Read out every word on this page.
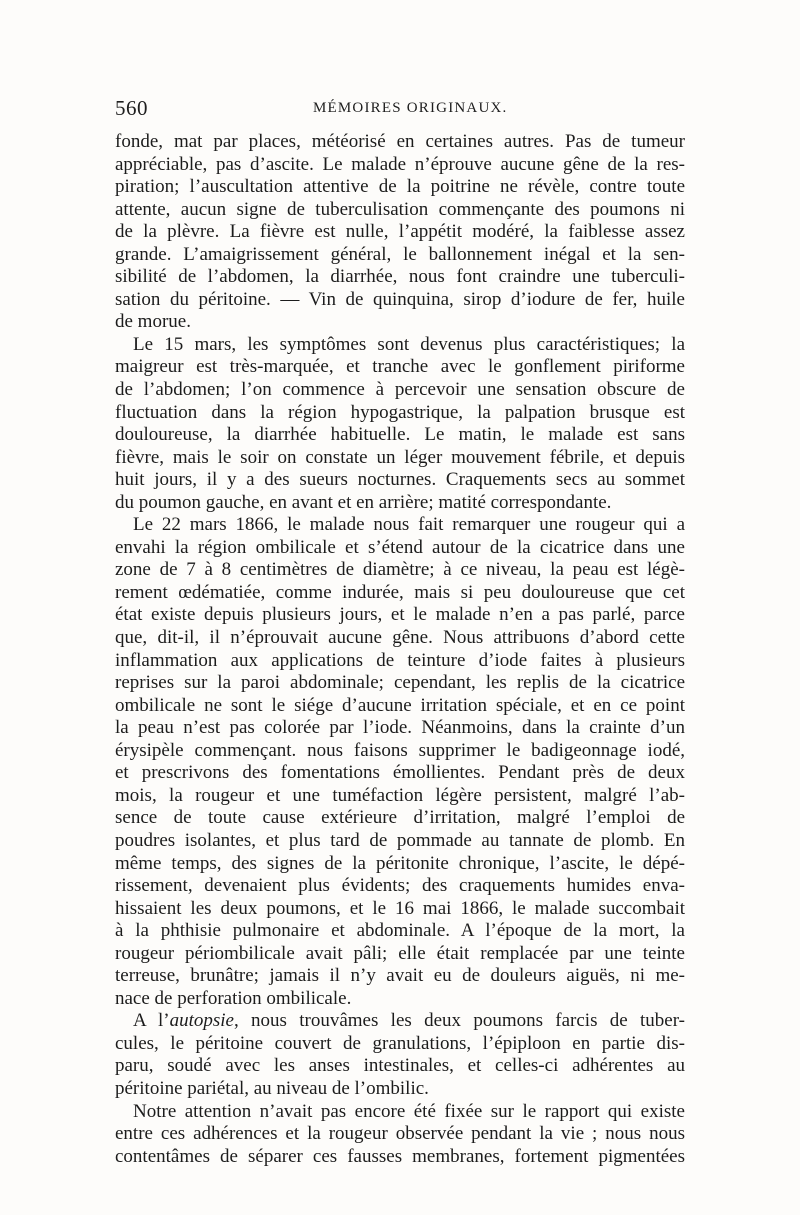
560	MÉMOIRES ORIGINAUX.
fonde, mat par places, météorisé en certaines autres. Pas de tumeur
appréciable, pas d’ascite. Le malade n’éprouve aucune gêne de la res-
piration; l’auscultation attentive de la poitrine ne révèle, contre toute
attente, aucun signe de tuberculisation commençante des poumons ni
de la plèvre. La fièvre est nulle, l’appétit modéré, la faiblesse assez
grande. L’amaigrissement général, le ballonnement inégal et la sen-
sibilité de l’abdomen, la diarrhée, nous font craindre une tuberculi-
sation du péritoine. — Vin de quinquina, sirop d’iodure de fer, huile
de morue.
Le 15 mars, les symptômes sont devenus plus caractéristiques; la
maigreur est très-marquée, et tranche avec le gonflement piriforme
de l’abdomen; l’on commence à percevoir une sensation obscure de
fluctuation dans la région hypogastrique, la palpation brusque est
douloureuse, la diarrhée habituelle. Le matin, le malade est sans
fièvre, mais le soir on constate un léger mouvement fébrile, et depuis
huit jours, il y a des sueurs nocturnes. Craquements secs au sommet
du poumon gauche, en avant et en arrière; matité correspondante.
Le 22 mars 1866, le malade nous fait remarquer une rougeur qui a
envahi la région ombilicale et s’étend autour de la cicatrice dans une
zone de 7 à 8 centimètres de diamètre; à ce niveau, la peau est légè-
rement œdématiée, comme indurée, mais si peu douloureuse que cet
état existe depuis plusieurs jours, et le malade n’en a pas parlé, parce
que, dit-il, il n’éprouvait aucune gêne. Nous attribuons d’abord cette
inflammation aux applications de teinture d’iode faites à plusieurs
reprises sur la paroi abdominale; cependant, les replis de la cicatrice
ombilicale ne sont le siége d’aucune irritation spéciale, et en ce point
la peau n’est pas colorée par l’iode. Néanmoins, dans la crainte d’un
érysipèle commençant. nous faisons supprimer le badigeonnage iodé,
et prescrivons des fomentations émollientes. Pendant près de deux
mois, la rougeur et une tuméfaction légère persistent, malgré l’ab-
sence de toute cause extérieure d’irritation, malgré l’emploi de
poudres isolantes, et plus tard de pommade au tannate de plomb. En
même temps, des signes de la péritonite chronique, l’ascite, le dépé-
rissement, devenaient plus évidents; des craquements humides enva-
hissaient les deux poumons, et le 16 mai 1866, le malade succombait
à la phthisie pulmonaire et abdominale. A l’époque de la mort, la
rougeur périombilicale avait pâli; elle était remplacée par une teinte
terreuse, brunâtre; jamais il n’y avait eu de douleurs aiguës, ni me-
nace de perforation ombilicale.
A l’autopsie, nous trouvâmes les deux poumons farcis de tuber-
cules, le péritoine couvert de granulations, l’épiploon en partie dis-
paru, soudé avec les anses intestinales, et celles-ci adhérentes au
péritoine pariétal, au niveau de l’ombilic.
Notre attention n’avait pas encore été fixée sur le rapport qui existe
entre ces adhérences et la rougeur observée pendant la vie ; nous nous
contentâmes de séparer ces fausses membranes, fortement pigmentées
